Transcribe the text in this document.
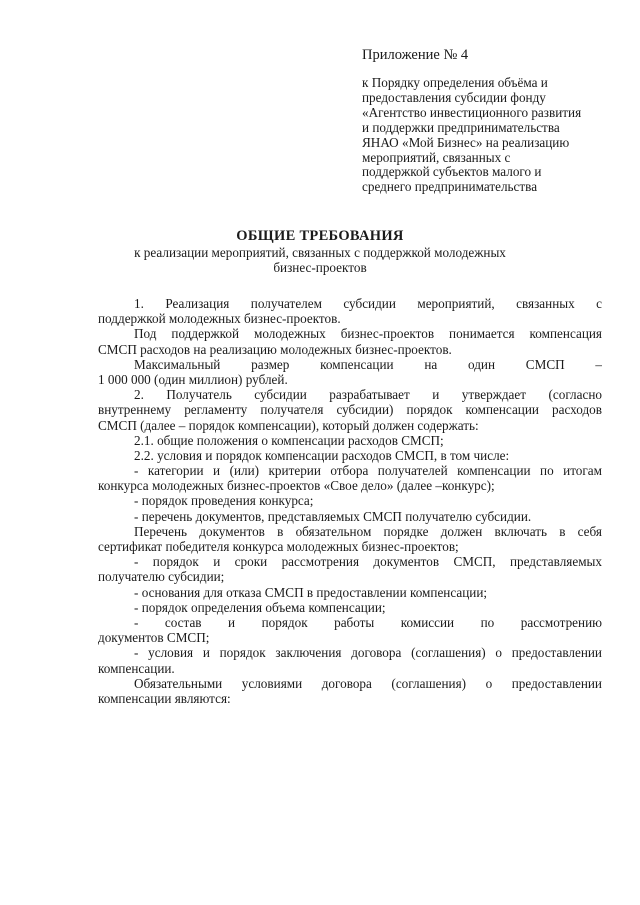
Приложение № 4
к Порядку определения объёма и
предоставления субсидии фонду
«Агентство инвестиционного развития
и поддержки предпринимательства
ЯНАО «Мой Бизнес» на реализацию
мероприятий, связанных с
поддержкой субъектов малого и
среднего предпринимательства
ОБЩИЕ ТРЕБОВАНИЯ
к реализации мероприятий, связанных с поддержкой молодежных
бизнес-проектов
1. Реализация получателем субсидии мероприятий, связанных с
поддержкой молодежных бизнес-проектов.
Под поддержкой молодежных бизнес-проектов понимается компенсация
СМСП расходов на реализацию молодежных бизнес-проектов.
Максимальный размер компенсации на один СМСП –
1 000 000 (один миллион) рублей.
2. Получатель субсидии разрабатывает и утверждает (согласно
внутреннему регламенту получателя субсидии) порядок компенсации расходов
СМСП (далее – порядок компенсации), который должен содержать:
2.1. общие положения о компенсации расходов СМСП;
2.2. условия и порядок компенсации расходов СМСП, в том числе:
- категории и (или) критерии отбора получателей компенсации по итогам
конкурса молодежных бизнес-проектов «Свое дело» (далее –конкурс);
- порядок проведения конкурса;
- перечень документов, представляемых СМСП получателю субсидии.
Перечень документов в обязательном порядке должен включать в себя
сертификат победителя конкурса молодежных бизнес-проектов;
- порядок и сроки рассмотрения документов СМСП, представляемых
получателю субсидии;
- основания для отказа СМСП в предоставлении компенсации;
- порядок определения объема компенсации;
- состав и порядок работы комиссии по рассмотрению
документов СМСП;
- условия и порядок заключения договора (соглашения) о предоставлении
компенсации.
Обязательными условиями договора (соглашения) о предоставлении
компенсации являются:
